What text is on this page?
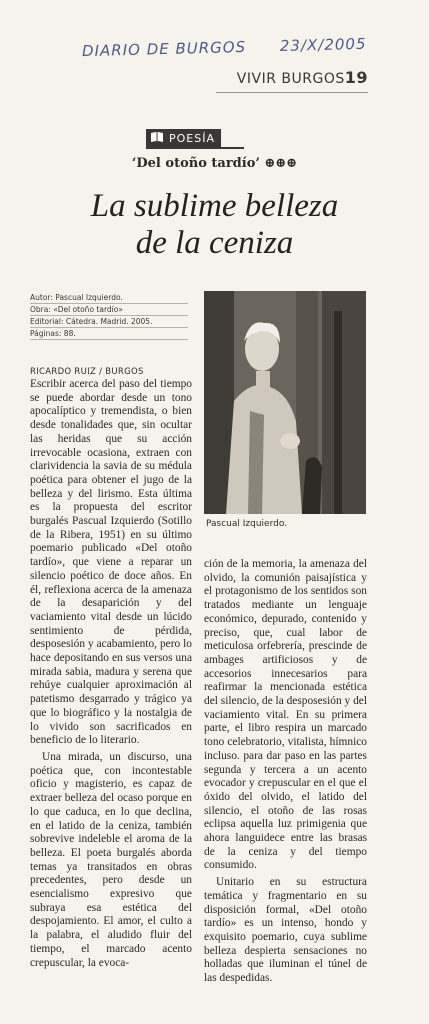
DIARIO DE BURGOS 23/X/2005
VIVIR BURGOS19
POESÍA
‘Del otoño tardío’ ⊕⊕⊕
La sublime belleza
de la ceniza
Autor: Pascual Izquierdo.
Obra: «Del otoño tardío»
Editorial: Cátedra. Madrid. 2005.
Páginas: 88.
Pascual Izquierdo.
RICARDO RUIZ / BURGOS

Escribir acerca del paso del tiempo se puede abordar desde un tono apocalíptico y tremendista, o bien desde tonalidades que, sin ocultar las heridas que su acción irrevocable ocasiona, extraen con clarividencia la savia de su médula poética para obtener el jugo de la belleza y del lirismo. Esta última es la propuesta del escritor burgalés Pascual Izquierdo (Sotillo de la Ribera, 1951) en su último poemario publicado «Del otoño tardío», que viene a reparar un silencio poético de doce años. En él, reflexiona acerca de la amenaza de la desaparición y del vaciamiento vital desde un lúcido sentimiento de pérdida, desposesión y acabamiento, pero lo hace depositando en sus versos una mirada sabia, madura y serena que rehúye cualquier aproximación al patetismo desgarrado y trágico ya que lo biográfico y la nostalgia de lo vivido son sacrificados en beneficio de lo literario.

Una mirada, un discurso, una poética que, con incontestable oficio y magisterio, es capaz de extraer belleza del ocaso porque en lo que caduca, en lo que declina, en el latido de la ceniza, también sobrevive indeleble el aroma de la belleza. El poeta burgalés aborda temas ya transitados en obras precedentes, pero desde un esencialismo expresivo que subraya esa estética del despojamiento. El amor, el culto a la palabra, el aludido fluir del tiempo, el marcado acento crepuscular, la evoca-

ción de la memoria, la amenaza del olvido, la comunión paisajística y el protagonismo de los sentidos son tratados mediante un lenguaje económico, depurado, contenido y preciso, que, cual labor de meticulosa orfebrería, prescinde de ambages artificiosos y de accesorios innecesarios para reafirmar la mencionada estética del silencio, de la desposesión y del vaciamiento vital. En su primera parte, el libro respira un marcado tono celebratorio, vitalista, hímnico incluso. para dar paso en las partes segunda y tercera a un acento evocador y crepuscular en el que el óxido del olvido, el latido del silencio, el otoño de las rosas eclipsa aquella luz primigenia que ahora languidece entre las brasas de la ceniza y del tiempo consumido.

Unitario en su estructura temática y fragmentario en su disposición formal, «Del otoño tardío» es un intenso, hondo y exquisito poemario, cuya sublime belleza despierta sensaciones no holladas que iluminan el túnel de las despedidas.
